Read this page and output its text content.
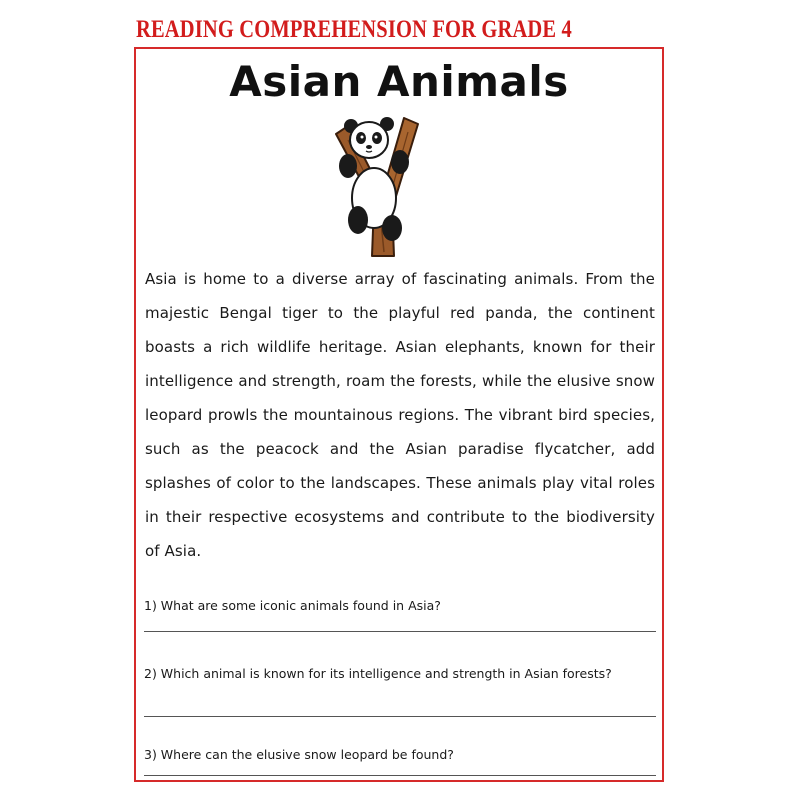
READING COMPREHENSION FOR GRADE 4
Asian Animals
Asia is home to a diverse array of fascinating animals. From the majestic Bengal tiger to the playful red panda, the continent boasts a rich wildlife heritage. Asian elephants, known for their intelligence and strength, roam the forests, while the elusive snow leopard prowls the mountainous regions. The vibrant bird species, such as the peacock and the Asian paradise flycatcher, add splashes of color to the landscapes. These animals play vital roles in their respective ecosystems and contribute to the biodiversity of Asia.
1) What are some iconic animals found in Asia?
2) Which animal is known for its intelligence and strength in Asian forests?
3) Where can the elusive snow leopard be found?
